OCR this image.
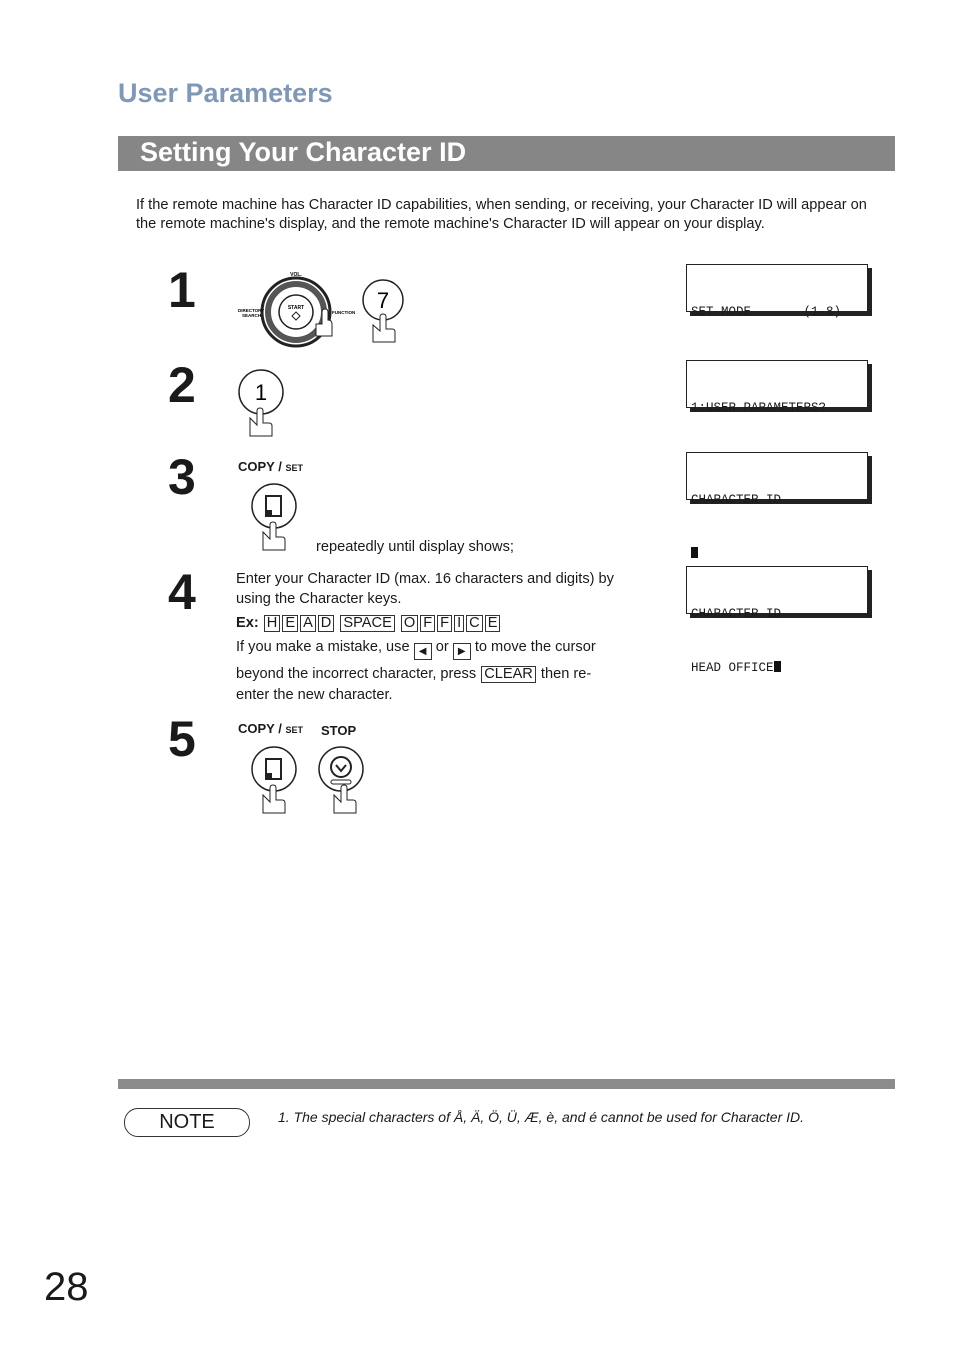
User Parameters
Setting Your Character ID
If the remote machine has Character ID capabilities, when sending, or receiving, your Character ID will appear on the remote machine's display, and the remote machine's Character ID will appear on your display.
1	VOL.
DIRECTORY
SEARCH
FUNCTION
START	7

	SET MODE       (1-8)

2	1

1:USER PARAMETERS?

3	COPY / SET
repeatedly until display shows;

CHARACTER ID

4	Enter your Character ID (max. 16 characters and digits) by using the Character keys.
Ex: H E A D SPACE O F F I C E
If you make a mistake, use ◀ or ▶ to move the cursor
beyond the incorrect character, press CLEAR then re-
enter the new character.

CHARACTER ID

HEAD OFFICE

5	COPY / SET STOP
NOTE	1. The special characters of Å, Ä, Ö, Ü, Æ, è, and é cannot be used for Character ID.
28
